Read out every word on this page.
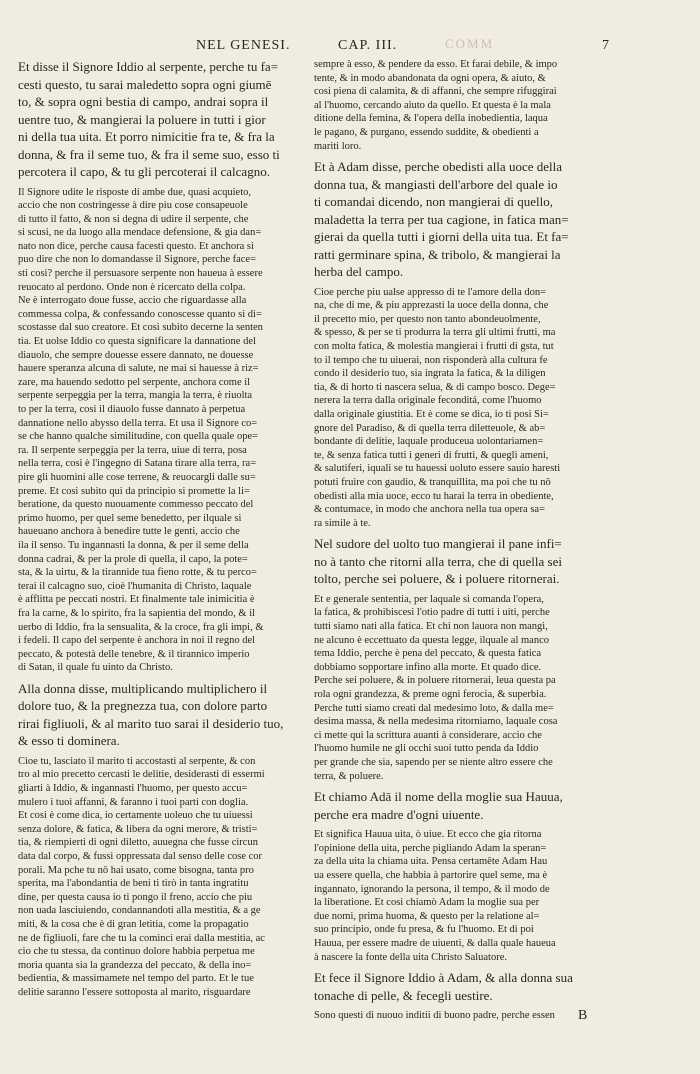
COMM
NEL GENESI.	CAP. III.	7
Et disse il Signore Iddio al serpente, perche tu fa=
cesti questo, tu sarai maledetto sopra ogni giumē
to, & sopra ogni bestia di campo, andrai sopra il
uentre tuo, & mangierai la poluere in tutti i gior
ni della tua uita. Et porro nimicitie fra te, & fra la
donna, & fra il seme tuo, & fra il seme suo, esso ti
percotera il capo, & tu gli percoterai il calcagno.
Il Signore udite le risposte di ambe due, quasi acquieto,
accio che non costringesse à dire piu cose consapeuole
di tutto il fatto, & non si degna di udire il serpente, che
si scusi, ne da luogo alla mendace defensione, & gia dan=
nato non dice, perche causa facesti questo. Et anchora si
puo dire che non lo domandasse il Signore, perche face=
sti cosi? perche il persuasore serpente non haueua à essere
reuocato al perdono. Onde non è ricercato della colpa.
Ne è interrogato doue fusse, accio che riguardasse alla
commessa colpa, & confessando conoscesse quanto si di=
scostasse dal suo creatore. Et cosi subito decerne la senten
tia. Et uolse Iddio co questa significare la dannatione del
diauolo, che sempre douesse essere dannato, ne douesse
hauere speranza alcuna di salute, ne mai si hauesse à riz=
zare, ma hauendo sedotto pel serpente, anchora come il
serpente serpeggia per la terra, mangia la terra, è riuolta
to per la terra, cosi il diauolo fusse dannato à perpetua
dannatione nello abysso della terra. Et usa il Signore co=
se che hanno qualche similitudine, con quella quale ope=
ra. Il serpente serpeggia per la terra, uiue di terra, posa
nella terra, cosi è l'ingegno di Satana tirare alla terra, ra=
pire gli huomini alle cose terrene, & reuocargli dalle su=
preme. Et cosi subito qui da principio si promette la li=
beratione, da questo nuouamente commesso peccato del
primo huomo, per quel seme benedetto, per ilquale si
haueuano anchora à benedire tutte le genti, accio che
ila il senso. Tu ingannasti la donna, & per il seme della
donna cadrai, & per la prole di quella, il capo, la pote=
sta, & la uirtu, & la tirannide tua fieno rotte, & tu perco=
terai il calcagno suo, cioè l'humanita di Christo, laquale
è afflitta pe peccati nostri. Et finalmente tale inimicitia è
fra la carne, & lo spirito, fra la sapientia del mondo, & il
uerbo di Iddio, fra la sensualita, & la croce, fra gli impi, &
i fedeli. Il capo del serpente è anchora in noi il regno del
peccato, & potestà delle tenebre, & il tirannico imperio
di Satan, il quale fu uinto da Christo.
Alla donna disse, multiplicando multiplichero il
dolore tuo, & la pregnezza tua, con dolore parto
rirai figliuoli, & al marito tuo sarai il desiderio tuo,
& esso ti dominera.
Cioe tu, lasciato il marito ti accostasti al serpente, & con
tro al mio precetto cercasti le delitie, desiderasti di essermi
gliarti à Iddio, & ingannasti l'huomo, per questo accu=
mulero i tuoi affanni, & faranno i tuoi parti con doglia.
Et cosi è come dica, io certamente uoleuo che tu uiuessi
senza dolore, & fatica, & libera da ogni merore, & tristi=
tia, & riempierti di ogni diletto, auuegna che fusse circun
data dal corpo, & fussi oppressata dal senso delle cose cor
porali. Ma pche tu nō hai usato, come bisogna, tanta pro
sperita, ma l'abondantia de beni ti tirò in tanta ingratitu
dine, per questa causa io ti pongo il freno, accio che piu
non uada lasciuiendo, condannandoti alla mestitia, & a ge
miti, & la cosa che è di gran letitia, come la propagatio
ne de figliuoli, fare che tu la cominci erai dalla mestitia, ac
cio che tu stessa, da continuo dolore habbia perpetua me
moria quanta sia la grandezza del peccato, & della ino=
bedientia, & massimamete nel tempo del parto. Et le tue
delitie saranno l'essere sottoposta al marito, risguardare
sempre à esso, & pendere da esso. Et farai debile, & impo
tente, & in modo abandonata da ogni opera, & aiuto, &
cosi piena di calamita, & di affanni, che sempre rifuggirai
al l'huomo, cercando aiuto da quello. Et questa è la mala
ditione della femina, & l'opera della inobedientia, laqua
le pagano, & purgano, essendo suddite, & obedienti a
mariti loro.
Et à Adam disse, perche obedisti alla uoce della
donna tua, & mangiasti dell'arbore del quale io
ti comandai dicendo, non mangierai di quello,
maladetta la terra per tua cagione, in fatica man=
gierai da quella tutti i giorni della uita tua. Et fa=
ratti germinare spina, & tribolo, & mangierai la
herba del campo.
Cioe perche piu ualse appresso di te l'amore della don=
na, che di me, & piu apprezasti la uoce della donna, che
il precetto mio, per questo non tanto abondeuolmente,
& spesso, & per se ti produrra la terra gli ultimi frutti, ma
con molta fatica, & molestia mangierai i frutti di gsta, tut
to il tempo che tu uiuerai, non risponderà alla cultura fe
condo il desiderio tuo, sia ingrata la fatica, & la diligen
tia, & di horto ti nascera selua, & di campo bosco. Dege=
nerera la terra dalla originale feconditá, come l'huomo
dalla originale giustitia. Et è come se dica, io ti posi Si=
gnore del Paradiso, & di quella terra diletteuole, & ab=
bondante di delitie, laquale produceua uolontariamen=
te, & senza fatica tutti i generi di frutti, & quegli ameni,
& salutiferi, iquali se tu hauessi uoluto essere sauio haresti
potuti fruire con gaudio, & tranquillita, ma poi che tu nō
obedisti alla mia uoce, ecco tu harai la terra in obediente,
& contumace, in modo che anchora nella tua opera sa=
ra simile à te.
Nel sudore del uolto tuo mangierai il pane infi=
no à tanto che ritorni alla terra, che di quella sei
tolto, perche sei poluere, & i poluere ritornerai.
Et e generale sententia, per laquale si comanda l'opera,
la fatica, & prohibiscesi l'otio padre di tutti i uiti, perche
tutti siamo nati alla fatica. Et chi non lauora non mangi,
ne alcuno è eccettuato da questa legge, ilquale al manco
tema Iddio, perche è pena del peccato, & questa fatica
dobbiamo sopportare infino alla morte. Et quado dice.
Perche sei poluere, & in poluere ritornerai, leua questa pa
rola ogni grandezza, & preme ogni ferocia, & superbia.
Perche tutti siamo creati dal medesimo loto, & dalla me=
desima massa, & nella medesima ritorniamo, laquale cosa
ci mette qui la scrittura auanti à considerare, accio che
l'huomo humile ne gli occhi suoi tutto penda da Iddio
per grande che sia, sapendo per se niente altro essere che
terra, & poluere.
Et chiamo Adā il nome della moglie sua Hauua,
perche era madre d'ogni uiuente.
Et significa Hauua uita, ò uiue. Et ecco che gia ritorna
l'opinione della uita, perche pigliando Adam la speran=
za della uita la chiama uita. Pensa certamēte Adam Hau
ua essere quella, che habbia à partorire quel seme, ma è
ingannato, ignorando la persona, il tempo, & il modo de
la liberatione. Et cosi chiamò Adam la moglie sua per
due nomi, prima huoma, & questo per la relatione al=
suo principio, onde fu presa, & fu l'huomo. Et di poi
Hauua, per essere madre de uiuenti, & dalla quale haueua
à nascere la fonte della uita Christo Saluatore.
Et fece il Signore Iddio à Adam, & alla donna sua
tonache di pelle, & fecegli uestire.
Sono questi di nuouo inditii di buono padre, perche essen	B
